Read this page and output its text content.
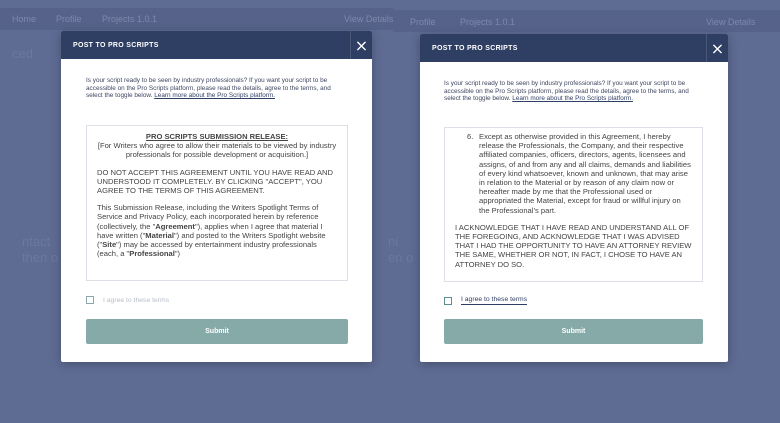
Home Profile Projects 1.0.1	View Details Profile	Projects 1.0.1	View Details
ced
ntact
then o
ni
en o
POST TO PRO SCRIPTS	×
Is your script ready to be seen by industry professionals? If you want your script to be accessible on the Pro Scripts platform, please read the details, agree to the terms, and select the toggle below. Learn more about the Pro Scripts platform.

PRO SCRIPTS SUBMISSION RELEASE:

[For Writers who agree to allow their materials to be viewed by industry professionals for possible development or acquisition.]

DO NOT ACCEPT THIS AGREEMENT UNTIL YOU HAVE READ AND UNDERSTOOD IT COMPLETELY. BY CLICKING "ACCEPT", YOU AGREE TO THE TERMS OF THIS AGREEMENT.

This Submission Release, including the Writers Spotlight Terms of Service and Privacy Policy, each incorporated herein by reference (collectively, the "Agreement"), applies when I agree that material I have written ("Material") and posted to the Writers Spotlight website ("Site") may be accessed by entertainment industry professionals (each, a "Professional")

I agree to these terms
Submit
POST TO PRO SCRIPTS	×
Is your script ready to be seen by industry professionals? If you want your script to be accessible on the Pro Scripts platform, please read the details, agree to the terms, and select the toggle below. Learn more about the Pro Scripts platform.
6. Except as otherwise provided in this Agreement, I hereby release the Professionals, the Company, and their respective affiliated companies, officers, directors, agents, licensees and assigns, of and from any and all claims, demands and liabilities of every kind whatsoever, known and unknown, that may arise in relation to the Material or by reason of any claim now or hereafter made by me that the Professional used or appropriated the Material, except for fraud or willful injury on the Professional’s part.

I ACKNOWLEDGE THAT I HAVE READ AND UNDERSTAND ALL OF THE FOREGOING, AND ACKNOWLEDGE THAT I WAS ADVISED THAT I HAD THE OPPORTUNITY TO HAVE AN ATTORNEY REVIEW THE SAME, WHETHER OR NOT, IN FACT, I CHOSE TO HAVE AN ATTORNEY DO SO.

I agree to these terms
Submit
